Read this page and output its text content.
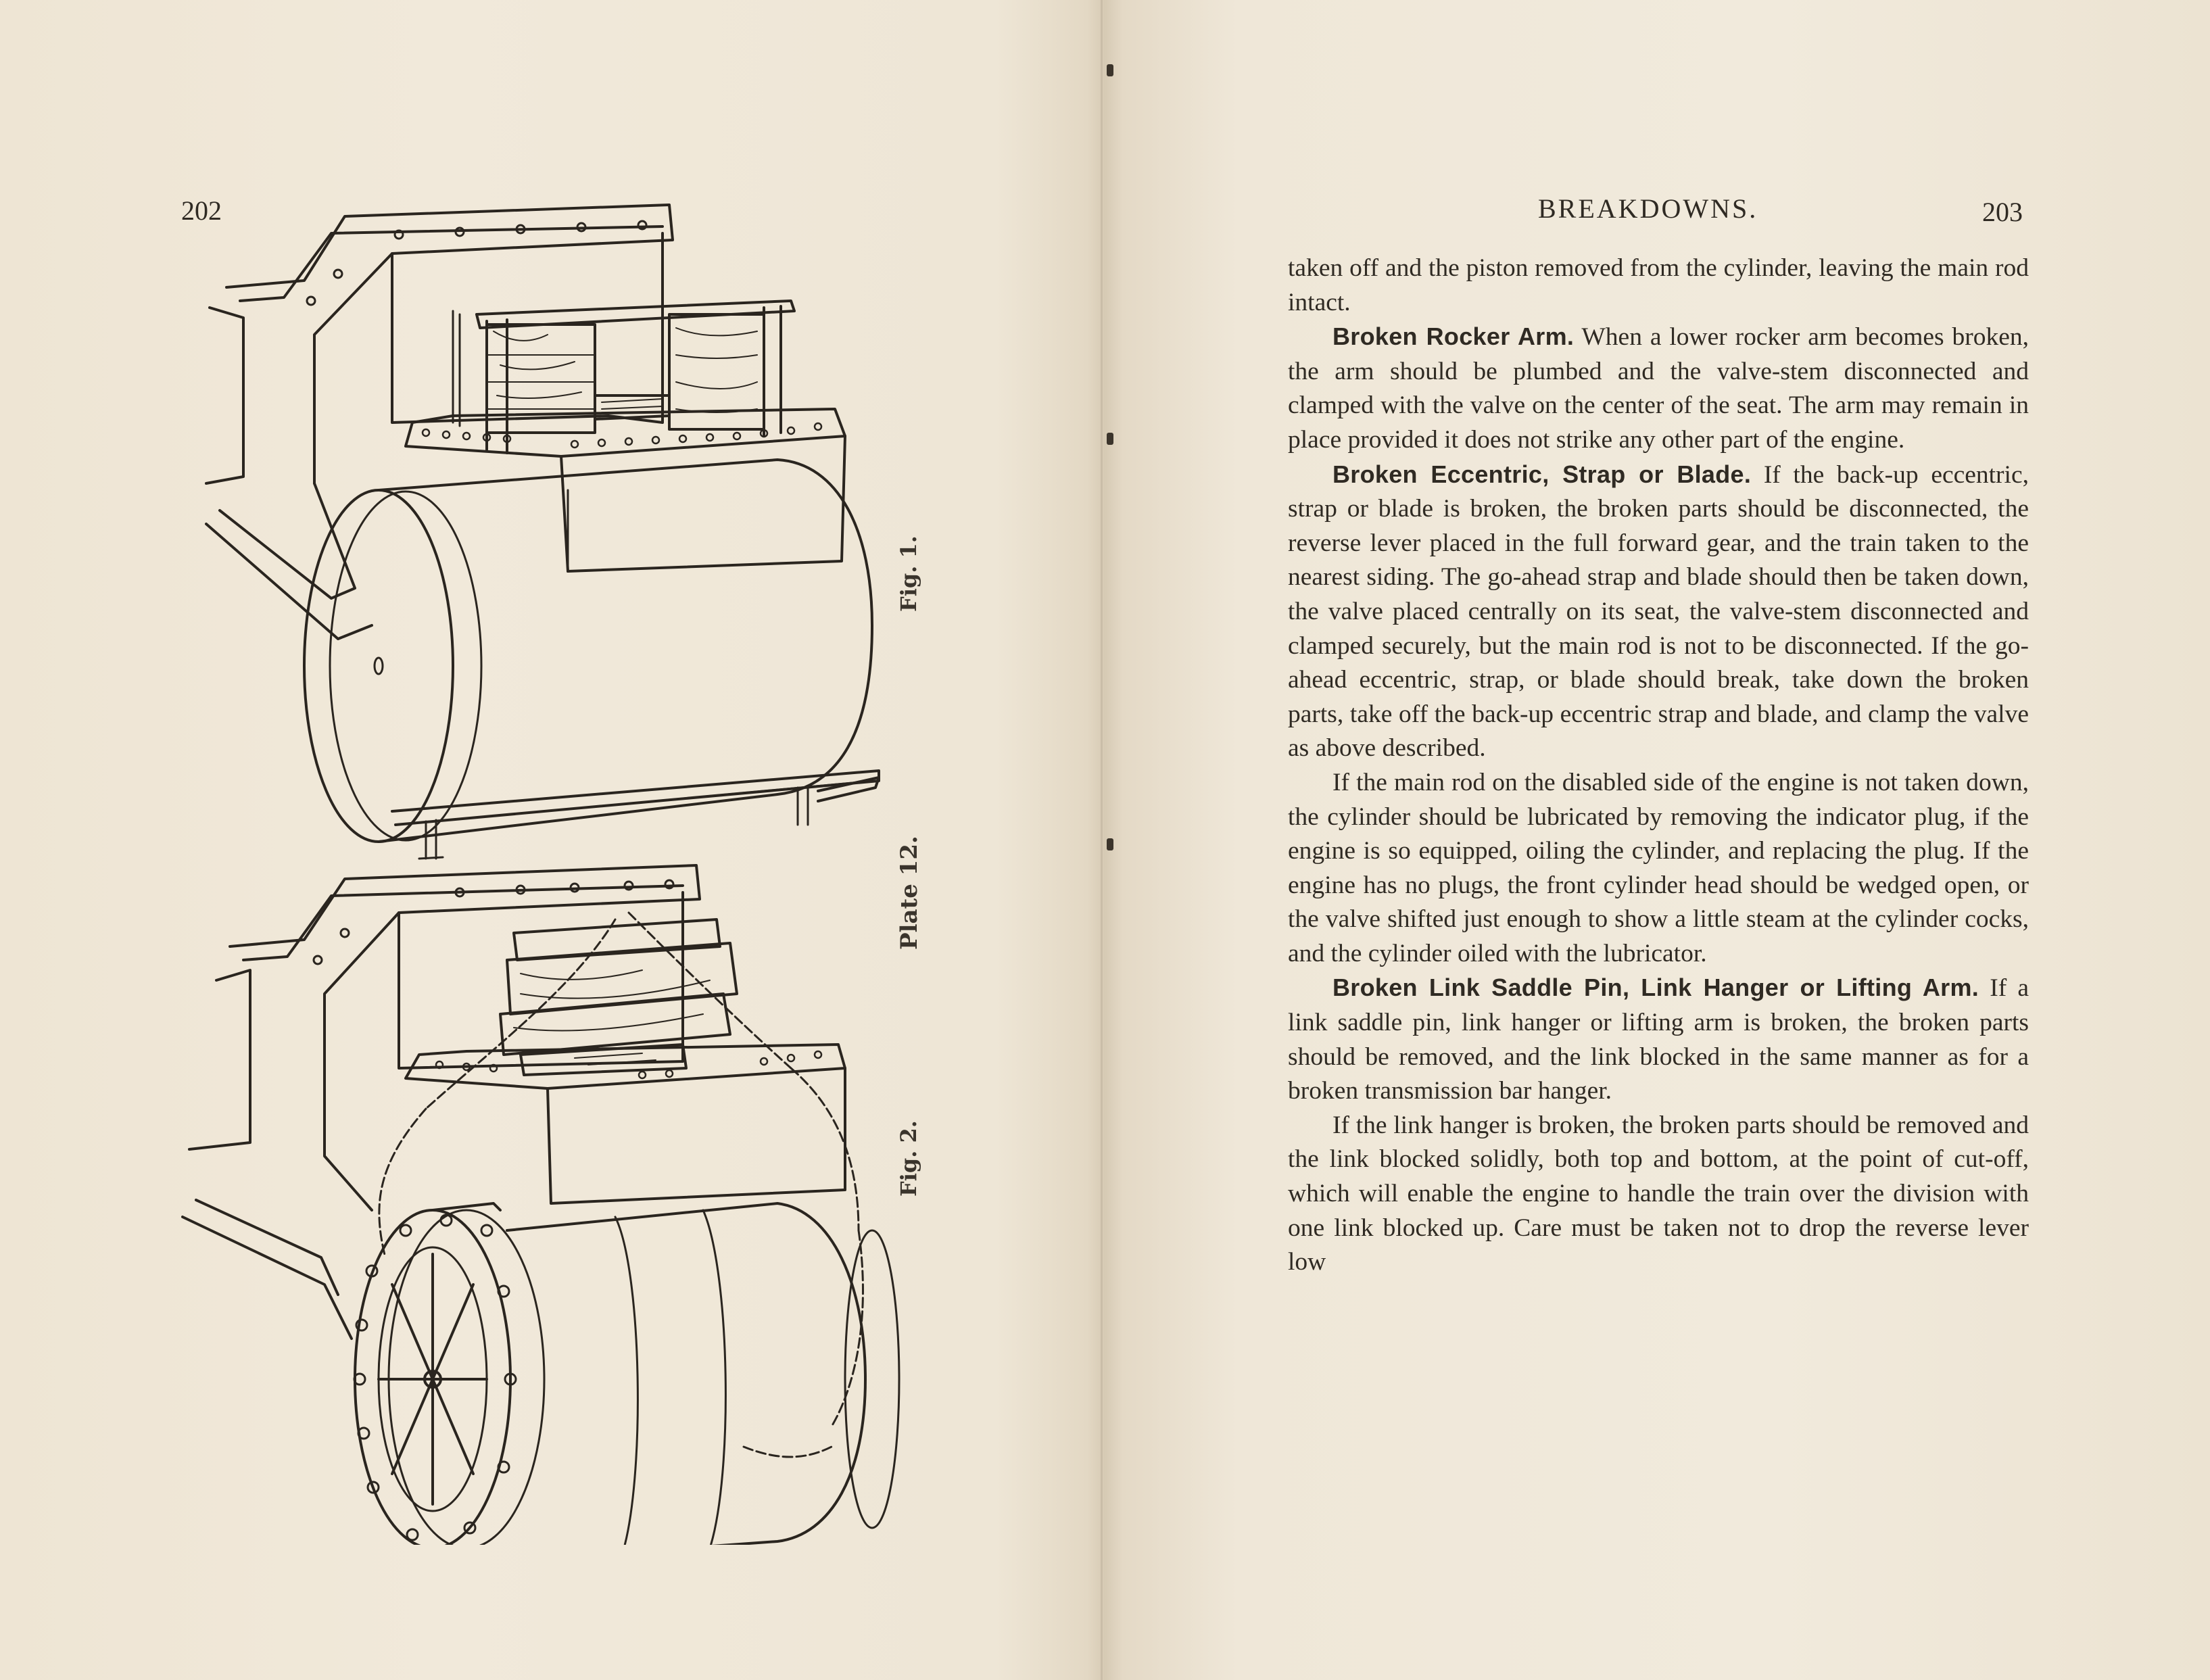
202
Fig. 1.
Plate 12.
Fig. 2.
BREAKDOWNS.	203

taken off and the piston removed from the cylinder, leaving the main rod intact.

Broken Rocker Arm. When a lower rocker arm becomes broken, the arm should be plumbed and the valve-stem disconnected and clamped with the valve on the center of the seat. The arm may remain in place provided it does not strike any other part of the engine.

Broken Eccentric, Strap or Blade. If the back-up eccentric, strap or blade is broken, the broken parts should be disconnected, the reverse lever placed in the full forward gear, and the train taken to the nearest siding. The go-ahead strap and blade should then be taken down, the valve placed centrally on its seat, the valve-stem disconnected and clamped securely, but the main rod is not to be disconnected. If the go-ahead eccentric, strap, or blade should break, take down the broken parts, take off the back-up eccentric strap and blade, and clamp the valve as above described.

If the main rod on the disabled side of the engine is not taken down, the cylinder should be lubricated by removing the indicator plug, if the engine is so equipped, oiling the cylinder, and replacing the plug. If the engine has no plugs, the front cylinder head should be wedged open, or the valve shifted just enough to show a little steam at the cylinder cocks, and the cylinder oiled with the lubricator.

Broken Link Saddle Pin, Link Hanger or Lifting Arm. If a link saddle pin, link hanger or lifting arm is broken, the broken parts should be removed, and the link blocked in the same manner as for a broken transmission bar hanger.

If the link hanger is broken, the broken parts should be removed and the link blocked solidly, both top and bottom, at the point of cut-off, which will enable the engine to handle the train over the division with one link blocked up. Care must be taken not to drop the reverse lever low
